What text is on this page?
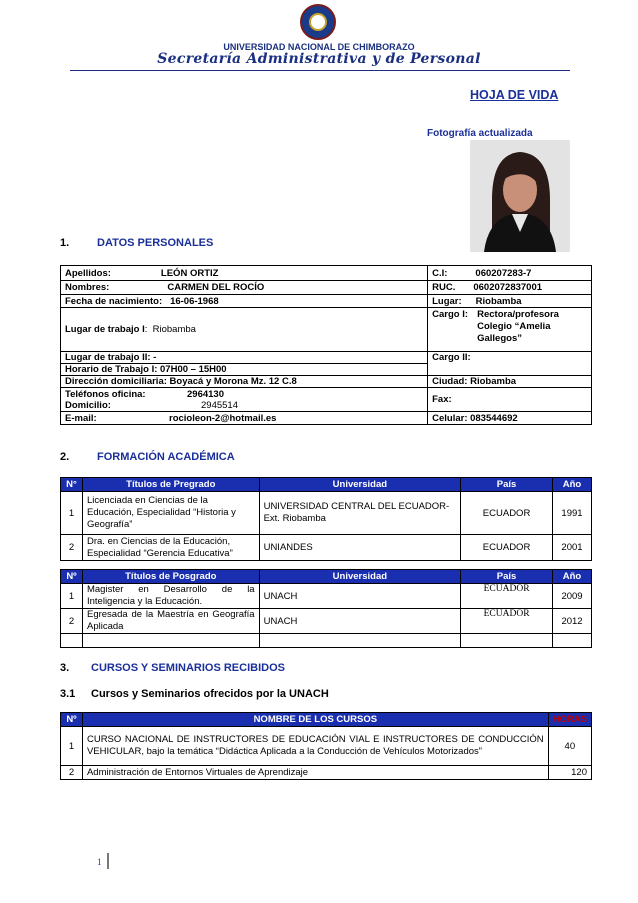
UNIVERSIDAD NACIONAL DE CHIMBORAZO
Secretaría Administrativa y de Personal
HOJA DE VIDA
Fotografía actualizada
1.	DATOS PERSONALES
Apellidos: LEÓN ORTIZ	C.I: 060207283-7
Nombres: CARMEN DEL ROCÍO	RUC. 0602072837001
Fecha de nacimiento: 16-06-1968	Lugar: Riobamba
Lugar de trabajo I:  Riobamba	Cargo I: Rectora/profesora
Colegio “Amelia
Gallegos”

Lugar de trabajo II: -	Cargo II:
Horario de Trabajo I: 07H00 – 15H00	
Dirección domiciliaria: Boyacá y Morona Mz. 12 C.8	Ciudad: Riobamba
Teléfonos oficina: 2964130
Domicilio: 2945514	Fax:
E-mail: rocioleon-2@hotmail.es	Celular: 083544692
2.	FORMACIÓN ACADÉMICA
N°	Títulos de Pregrado	Universidad	País	Año
1	Licenciada en Ciencias de la Educación, Especialidad “Historia y Geografía”	UNIVERSIDAD CENTRAL DEL ECUADOR- Ext. Riobamba	ECUADOR	1991
2	Dra. en Ciencias de la Educación, Especialidad “Gerencia Educativa”	UNIANDES	ECUADOR	2001
Nº	Títulos de Posgrado	Universidad	País	Año
1	Magister en Desarrollo de la Inteligencia y la Educación.	UNACH	ECUADOR	2009
2	Egresada de la Maestría en Geografía Aplicada	UNACH	ECUADOR	2012

3. CURSOS Y SEMINARIOS RECIBIDOS
3.1 Cursos y Seminarios ofrecidos por la UNACH
Nº	NOMBRE DE LOS CURSOS	HORAS
1	CURSO NACIONAL DE INSTRUCTORES DE EDUCACIÓN VIAL E INSTRUCTORES DE CONDUCCIÓN VEHICULAR, bajo la temática “Didáctica Aplicada a la Conducción de Vehículos Motorizados”	40
2	Administración de Entornos Virtuales de Aprendizaje	120
1
